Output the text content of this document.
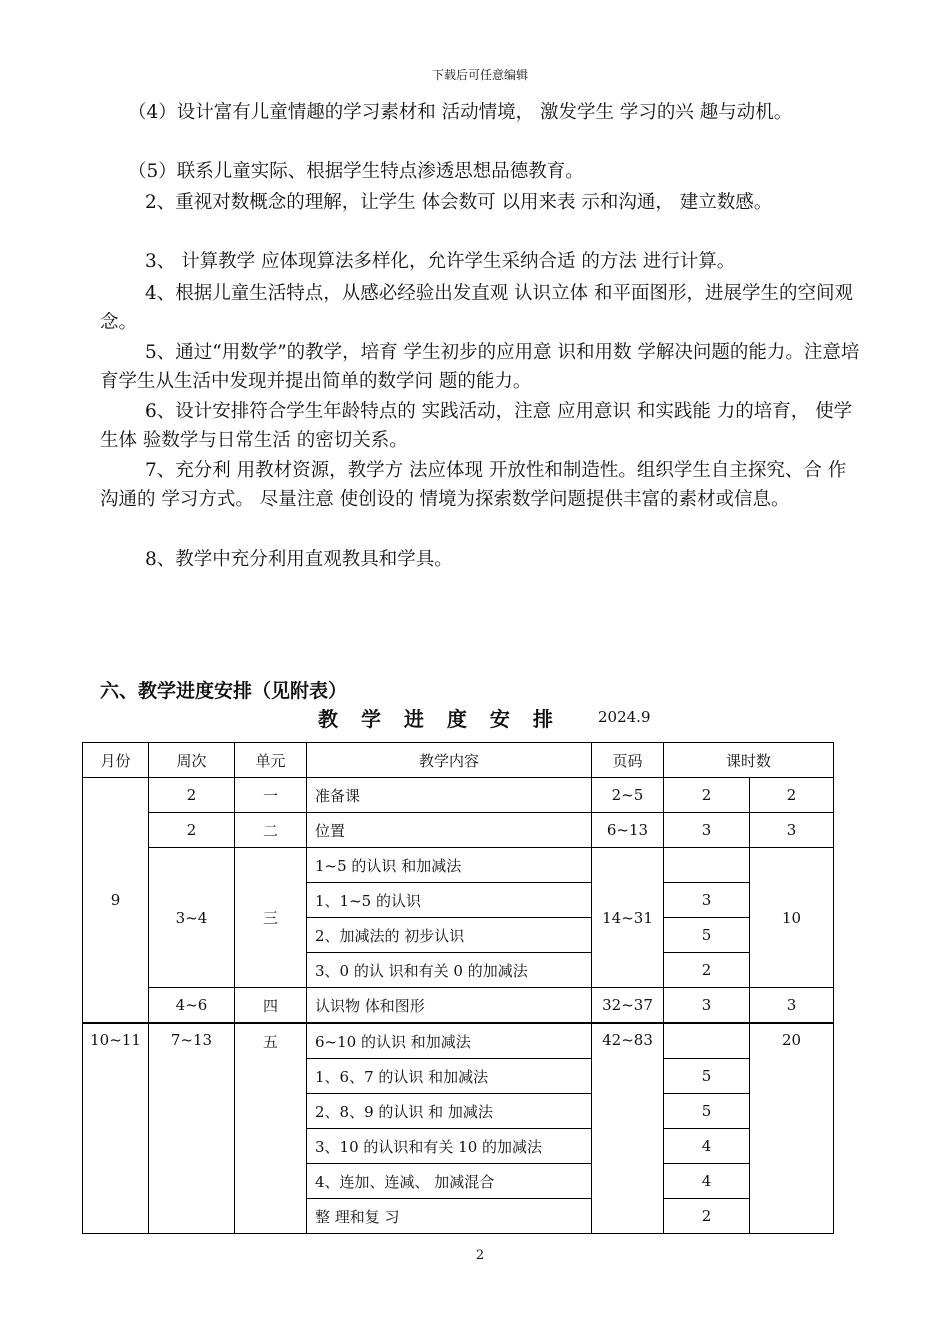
下载后可任意编辑
（4）设计富有儿童情趣的学习素材和 活动情境， 激发学生 学习的兴 趣与动机。
（5）联系儿童实际、根据学生特点渗透思想品德教育。
2、重视对数概念的理解，让学生 体会数可 以用来表 示和沟通， 建立数感。
3、 计算教学 应体现算法多样化，允许学生采纳合适 的方法 进行计算。
4、根据儿童生活特点，从感必经验出发直观 认识立体 和平面图形，进展学生的空间观念。
5、通过“用数学”的教学，培育 学生初步的应用意 识和用数 学解决问题的能力。注意培育学生从生活中发现并提出简单的数学问 题的能力。
6、设计安排符合学生年龄特点的 实践活动，注意 应用意识 和实践能 力的培育， 使学生体 验数学与日常生活 的密切关系。
7、充分利 用教材资源，教学方 法应体现 开放性和制造性。组织学生自主探究、合 作沟通的 学习方式。 尽量注意 使创设的 情境为探索数学问题提供丰富的素材或信息。
8、教学中充分利用直观教具和学具。
六、教学进度安排（见附表）
教 学 进 度 安 排 2024.9
月份	周次	单元	教学内容	页码	课时数	
9	2	一	准备课	2~5	2	2
	2	二	位置	6~13	3	3
	3~4	三	1~5 的认识 和加减法	14~31		10
			1、1~5 的认识		3	
			2、加减法的 初步认识		5	
			3、0 的认 识和有关 0 的加减法		2	
	4~6	四	认识物 体和图形	32~37	3	3
10~11	7~13	五	6~10 的认识 和加减法	42~83		20
			1、6、7 的认识 和加减法		5	
			2、8、9 的认识 和 加减法		5	
			3、10 的认识和有关 10 的加减法		4	
			4、连加、连减、 加减混合		4	
			整 理和复 习		2	
2
